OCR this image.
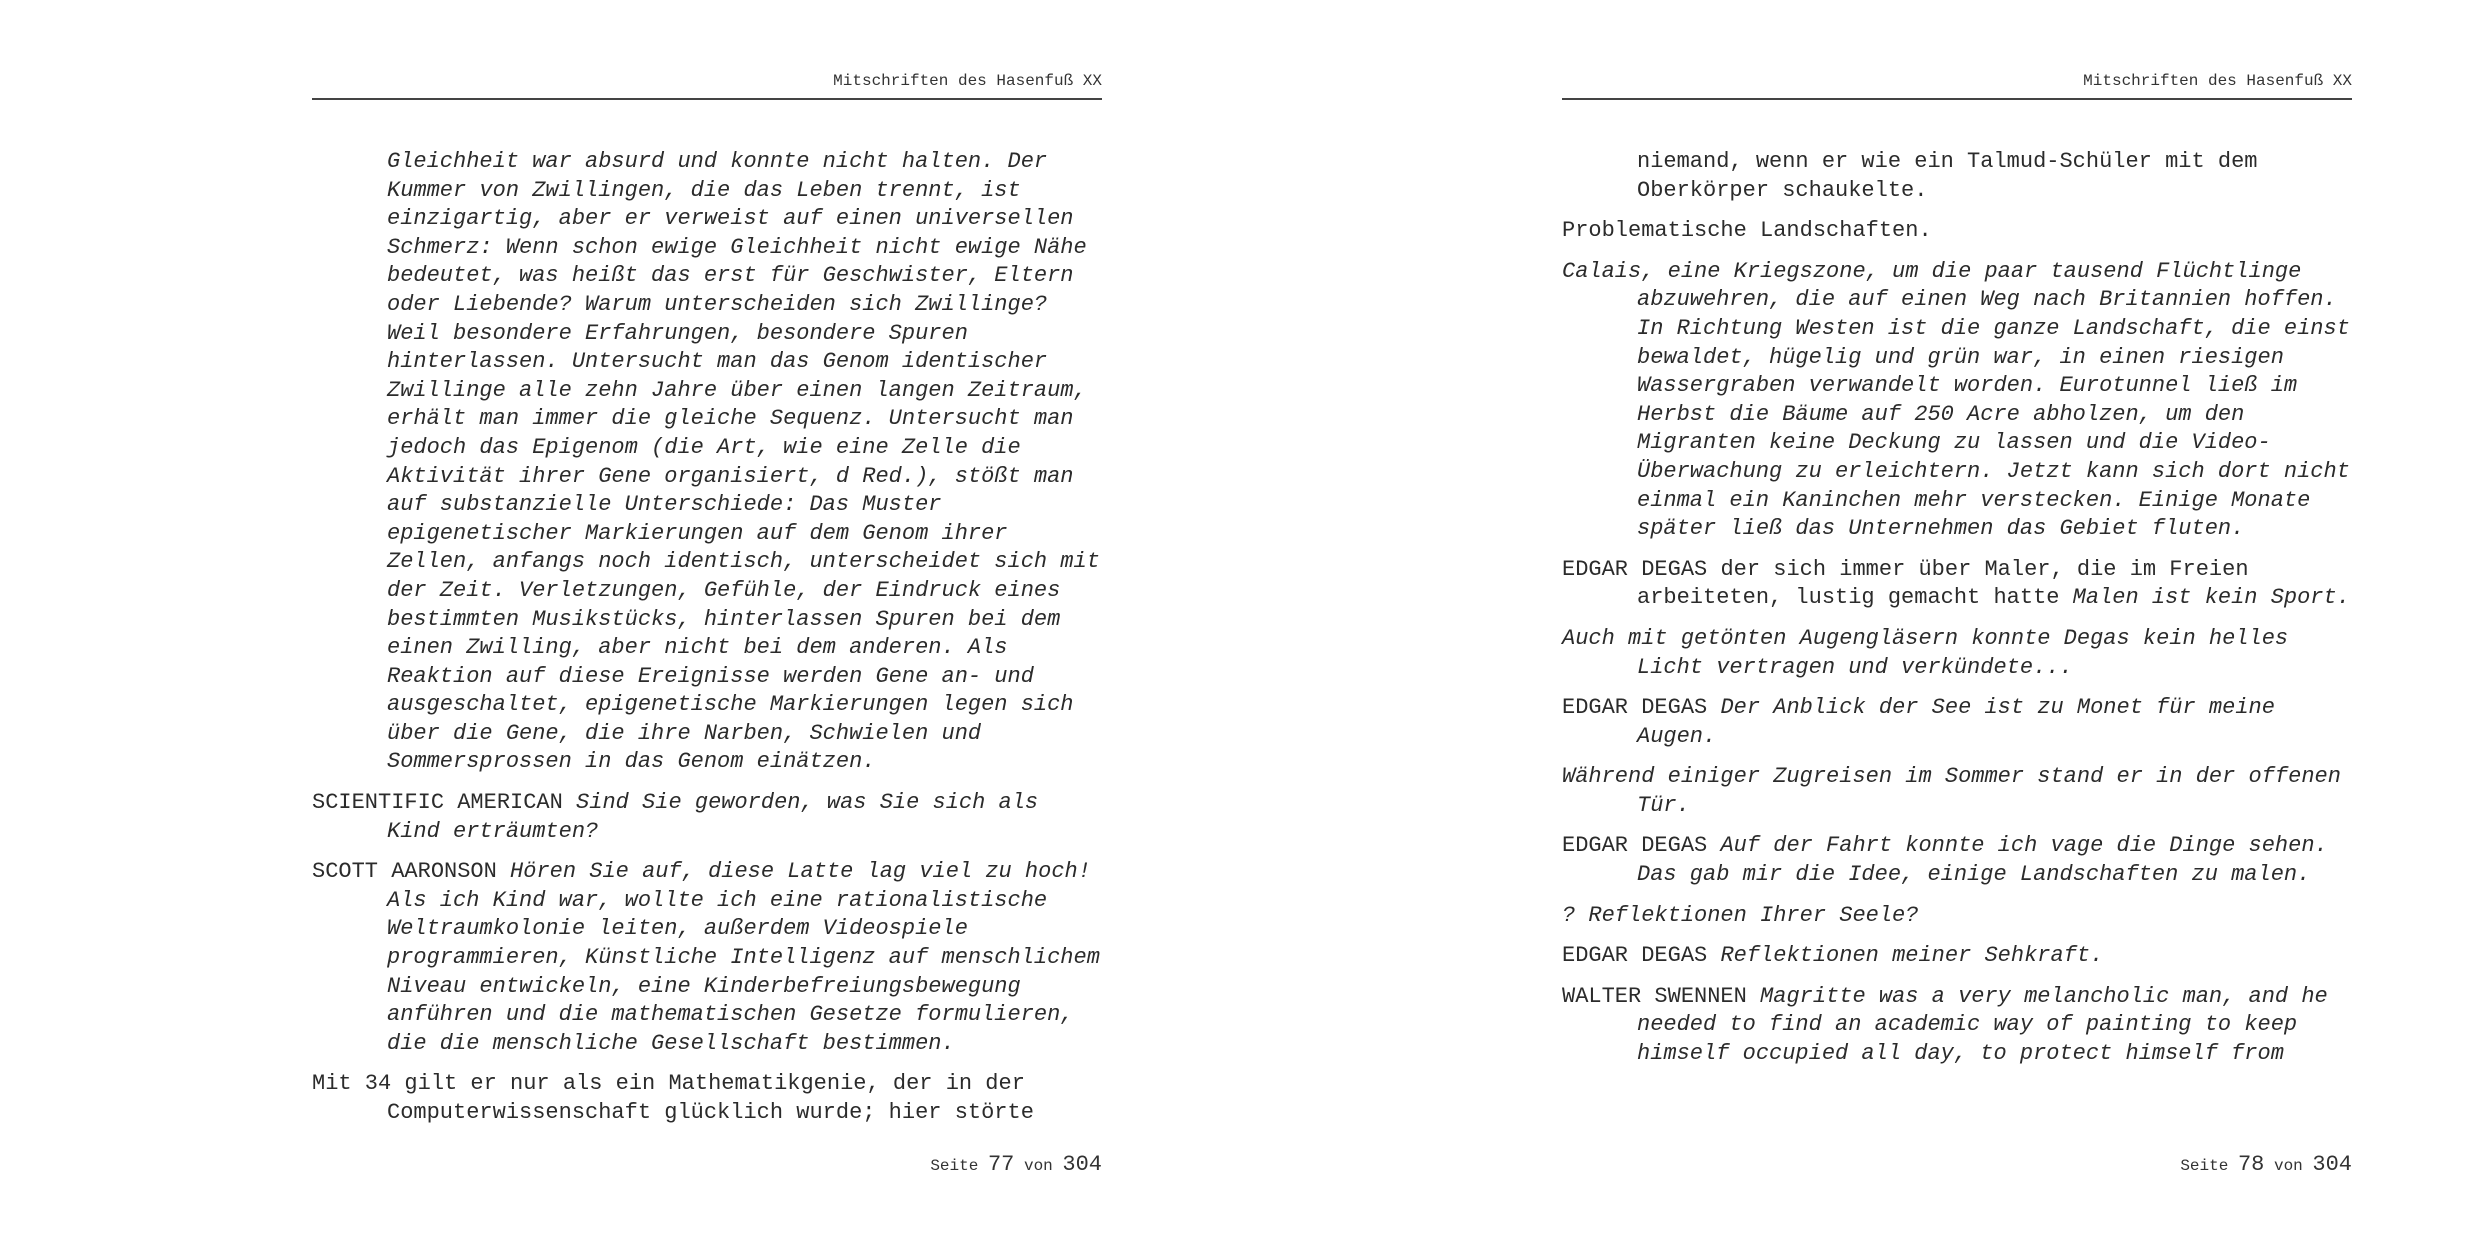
Mitschriften des Hasenfuß XX

Gleichheit war absurd und konnte nicht halten. Der Kummer von Zwillingen, die das Leben trennt, ist einzigartig, aber er verweist auf einen universellen Schmerz: Wenn schon ewige Gleichheit nicht ewige Nähe bedeutet, was heißt das erst für Geschwister, Eltern oder Liebende? Warum unterscheiden sich Zwillinge? Weil besondere Erfahrungen, besondere Spuren hinterlassen. Untersucht man das Genom identischer Zwillinge alle zehn Jahre über einen langen Zeitraum, erhält man immer die gleiche Sequenz. Untersucht man jedoch das Epigenom (die Art, wie eine Zelle die Aktivität ihrer Gene organisiert, d Red.), stößt man auf substanzielle Unterschiede: Das Muster epigenetischer Markierungen auf dem Genom ihrer Zellen, anfangs noch identisch, unterscheidet sich mit der Zeit. Verletzungen, Gefühle, der Eindruck eines bestimmten Musikstücks, hinterlassen Spuren bei dem einen Zwilling, aber nicht bei dem anderen. Als Reaktion auf diese Ereignisse werden Gene an- und ausgeschaltet, epigenetische Markierungen legen sich über die Gene, die ihre Narben, Schwielen und Sommersprossen in das Genom einätzen.

SCIENTIFIC AMERICAN Sind Sie geworden, was Sie sich als Kind erträumten?

SCOTT AARONSON Hören Sie auf, diese Latte lag viel zu hoch! Als ich Kind war, wollte ich eine rationalistische Weltraumkolonie leiten, außerdem Videospiele programmieren, Künstliche Intelligenz auf menschlichem Niveau entwickeln, eine Kinderbefreiungsbewegung anführen und die mathematischen Gesetze formulieren, die die menschliche Gesellschaft bestimmen.

Mit 34 gilt er nur als ein Mathematikgenie, der in der Computerwissenschaft glücklich wurde; hier störte

Seite 77 von 304
Mitschriften des Hasenfuß XX

niemand, wenn er wie ein Talmud-Schüler mit dem Oberkörper schaukelte.

Problematische Landschaften.

Calais, eine Kriegszone, um die paar tausend Flüchtlinge abzuwehren, die auf einen Weg nach Britannien hoffen. In Richtung Westen ist die ganze Landschaft, die einst bewaldet, hügelig und grün war, in einen riesigen Wassergraben verwandelt worden. Eurotunnel ließ im Herbst die Bäume auf 250 Acre abholzen, um den Migranten keine Deckung zu lassen und die Video-Überwachung zu erleichtern. Jetzt kann sich dort nicht einmal ein Kaninchen mehr verstecken. Einige Monate später ließ das Unternehmen das Gebiet fluten.

EDGAR DEGAS der sich immer über Maler, die im Freien arbeiteten, lustig gemacht hatte Malen ist kein Sport.

Auch mit getönten Augengläsern konnte Degas kein helles Licht vertragen und verkündete...

EDGAR DEGAS Der Anblick der See ist zu Monet für meine Augen.

Während einiger Zugreisen im Sommer stand er in der offenen Tür.

EDGAR DEGAS Auf der Fahrt konnte ich vage die Dinge sehen. Das gab mir die Idee, einige Landschaften zu malen.

? Reflektionen Ihrer Seele?

EDGAR DEGAS Reflektionen meiner Sehkraft.

WALTER SWENNEN Magritte was a very melancholic man, and he needed to find an academic way of painting to keep himself occupied all day, to protect himself from

Seite 78 von 304
